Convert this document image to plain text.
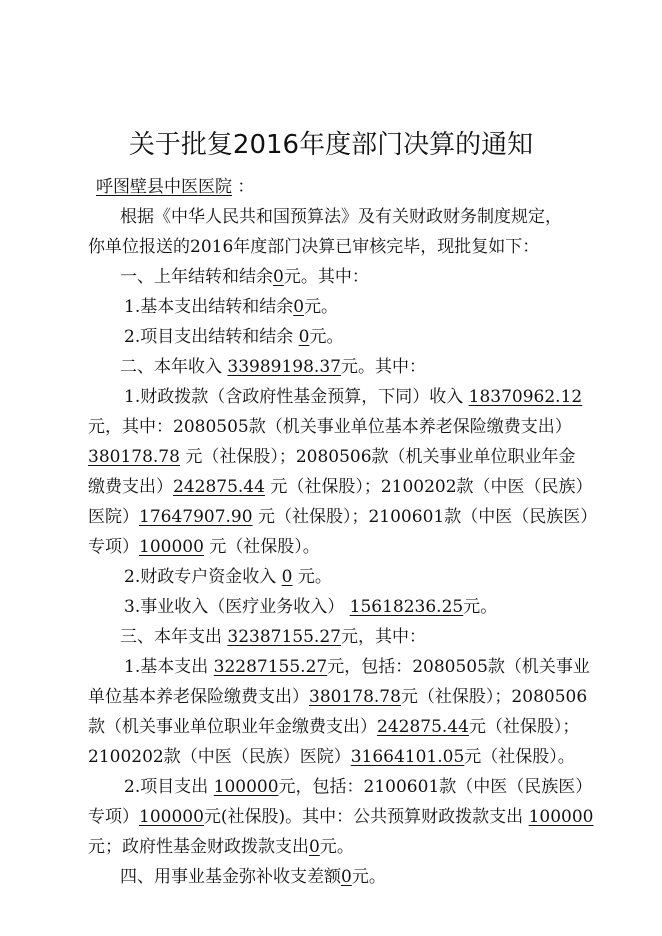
关于批复2016年度部门决算的通知
呼图壁县中医医院 ：
根据《中华人民共和国预算法》及有关财政财务制度规定，
你单位报送的2016年度部门决算已审核完毕，现批复如下：
一、上年结转和结余0元。其中：
1.基本支出结转和结余0元。
2.项目支出结转和结余 0元。
二、本年收入 33989198.37元。其中：
1.财政拨款（含政府性基金预算，下同）收入 18370962.12
元，其中：2080505款（机关事业单位基本养老保险缴费支出）
380178.78 元（社保股）；2080506款（机关事业单位职业年金
缴费支出）242875.44 元（社保股）；2100202款（中医（民族）
医院）17647907.90 元（社保股）；2100601款（中医（民族医）
专项）100000 元（社保股）。
2.财政专户资金收入 0 元。
3.事业收入（医疗业务收入） 15618236.25元。
三、本年支出 32387155.27元，其中：
1.基本支出 32287155.27元，包括：2080505款（机关事业
单位基本养老保险缴费支出）380178.78元（社保股）；2080506
款（机关事业单位职业年金缴费支出）242875.44元（社保股）；
2100202款（中医（民族）医院）31664101.05元（社保股）。
2.项目支出 100000元，包括：2100601款（中医（民族医）
专项）100000元(社保股)。其中：公共预算财政拨款支出 100000
元；政府性基金财政拨款支出0元。
四、用事业基金弥补收支差额0元。
